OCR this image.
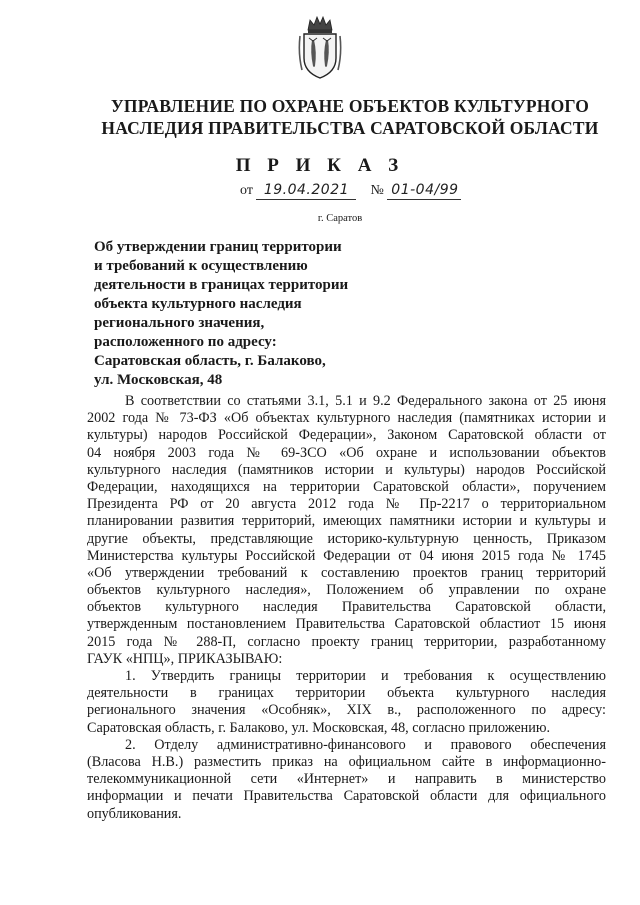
УПРАВЛЕНИЕ ПО ОХРАНЕ ОБЪЕКТОВ КУЛЬТУРНОГО
НАСЛЕДИЯ ПРАВИТЕЛЬСТВА САРАТОВСКОЙ ОБЛАСТИ
П Р И К А З
от 19.04.2021 № 01-04/99
г. Саратов
Об утверждении границ территории
и требований к осуществлению
деятельности в границах территории
объекта культурного наследия
регионального значения,
расположенного по адресу:
Саратовская область, г. Балаково,
ул. Московская, 48
В соответствии со статьями 3.1, 5.1 и 9.2 Федерального закона от 25 июня
2002 года № 73-ФЗ «Об объектах культурного наследия (памятниках истории и
культуры) народов Российской Федерации», Законом Саратовской области от
04 ноября 2003 года № 69-ЗСО «Об охране и использовании объектов
культурного наследия (памятников истории и культуры) народов Российской
Федерации, находящихся на территории Саратовской области», поручением
Президента РФ от 20 августа 2012 года № Пр-2217 о территориальном
планировании развития территорий, имеющих памятники истории и культуры и
другие объекты, представляющие историко-культурную ценность, Приказом
Министерства культуры Российской Федерации от 04 июня 2015 года № 1745
«Об утверждении требований к составлению проектов границ территорий
объектов культурного наследия», Положением об управлении по охране
объектов культурного наследия Правительства Саратовской области,
утвержденным постановлением Правительства Саратовской областиот 15 июня
2015 года № 288-П, согласно проекту границ территории, разработанному
ГАУК «НПЦ», ПРИКАЗЫВАЮ:
1. Утвердить границы территории и требования к осуществлению
деятельности в границах территории объекта культурного наследия
регионального значения «Особняк», XIX в., расположенного по адресу:
Саратовская область, г. Балаково, ул. Московская, 48, согласно приложению.
2. Отделу административно-финансового и правового обеспечения
(Власова Н.В.) разместить приказ на официальном сайте в информационно-
телекоммуникационной сети «Интернет» и направить в министерство
информации и печати Правительства Саратовской области для официального
опубликования.
